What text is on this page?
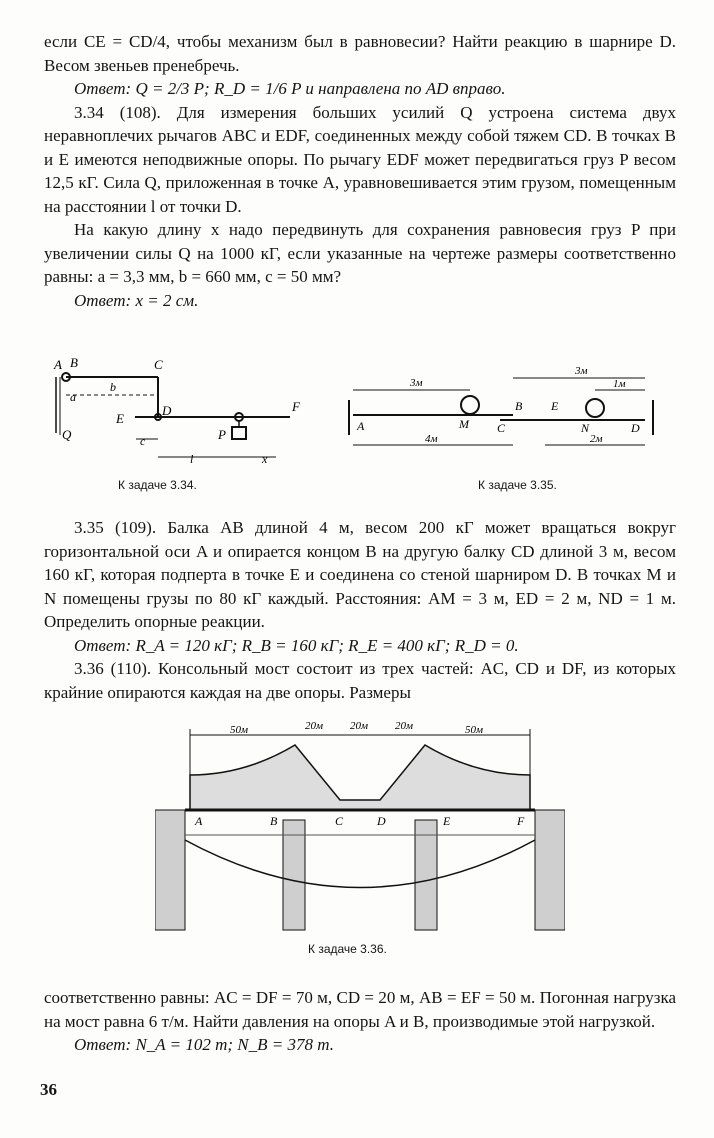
если CE = CD/4, чтобы механизм был в равновесии? Найти реакцию в шарнире D. Весом звеньев пренебречь.

Ответ: Q = 2/3 P; R_D = 1/6 P и направлена по AD вправо.

3.34 (108). Для измерения больших усилий Q устроена система двух неравноплечих рычагов ABC и EDF, соединенных между собой тяжем CD. В точках B и E имеются неподвижные опоры. По рычагу EDF может передвигаться груз P весом 12,5 кГ. Сила Q, приложенная в точке A, уравновешивается этим грузом, помещенным на расстоянии l от точки D.

На какую длину x надо передвинуть для сохранения равновесия груз P при увеличении силы Q на 1000 кГ, если указанные на чертеже размеры соответственно равны: a = 3,3 мм, b = 660 мм, c = 50 мм?

Ответ: x = 2 см.

A B	C
D
E
F
a
b
c
l	x
P
Q
К задаче 3.34.
3м
3м
1м
4м	2м
A	M C
B E
N	D
К задаче 3.35.

3.35 (109). Балка AB длиной 4 м, весом 200 кГ может вращаться вокруг горизонтальной оси A и опирается концом B на другую балку CD длиной 3 м, весом 160 кГ, которая подперта в точке E и соединена со стеной шарниром D. В точках M и N помещены грузы по 80 кГ каждый. Расстояния: AM = 3 м, ED = 2 м, ND = 1 м. Определить опорные реакции.

Ответ: R_A = 120 кГ; R_B = 160 кГ; R_E = 400 кГ; R_D = 0.

3.36 (110). Консольный мост состоит из трех частей: AC, CD и DF, из которых крайние опираются каждая на две опоры. Размеры

50м	20м 20м 20м	50м
A	B	C	D	E	F
К задаче 3.36.

соответственно равны: AC = DF = 70 м, CD = 20 м, AB = EF = 50 м. Погонная нагрузка на мост равна 6 т/м. Найти давления на опоры A и B, производимые этой нагрузкой.

Ответ: N_A = 102 т; N_B = 378 т.

36
